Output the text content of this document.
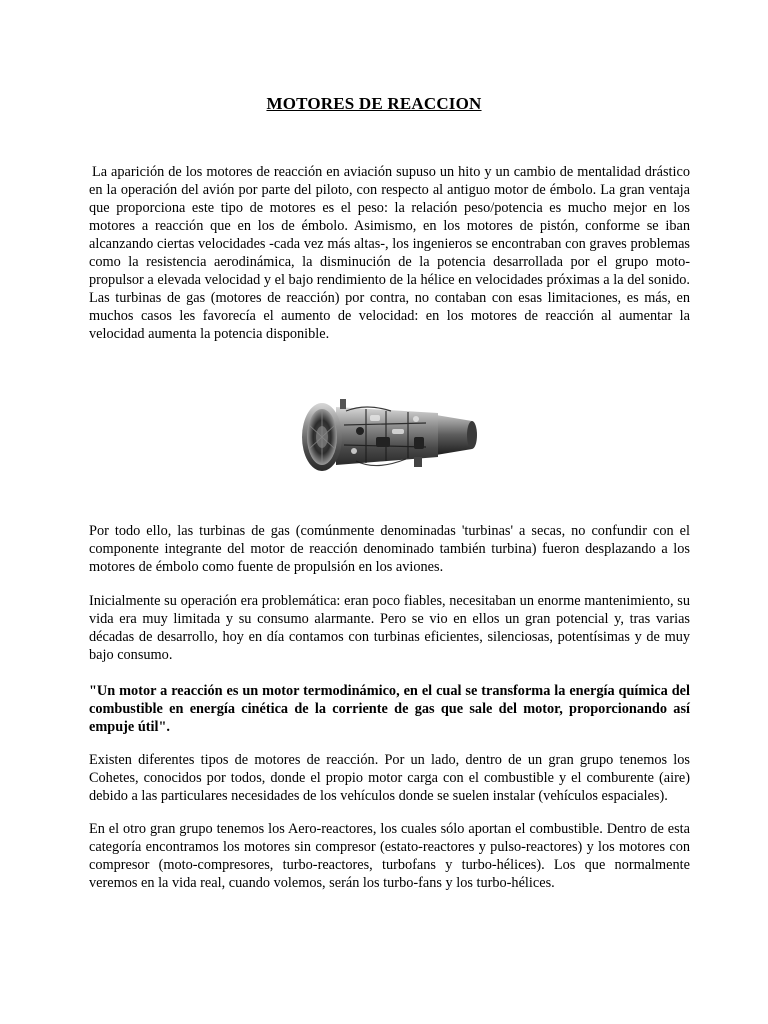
MOTORES DE REACCION

La aparición de los motores de reacción en aviación supuso un hito y un cambio de mentalidad drástico en la operación del avión por parte del piloto, con respecto al antiguo motor de émbolo. La gran ventaja que proporciona este tipo de motores es el peso: la relación peso/potencia es mucho mejor en los motores a reacción que en los de émbolo. Asimismo, en los motores de pistón, conforme se iban alcanzando ciertas velocidades -cada vez más altas-, los ingenieros se encontraban con graves problemas como la resistencia aerodinámica, la disminución de la potencia desarrollada por el grupo moto-propulsor a elevada velocidad y el bajo rendimiento de la hélice en velocidades próximas a la del sonido. Las turbinas de gas (motores de reacción) por contra, no contaban con esas limitaciones, es más, en muchos casos les favorecía el aumento de velocidad: en los motores de reacción al aumentar la velocidad aumenta la potencia disponible.

Por todo ello, las turbinas de gas (comúnmente denominadas 'turbinas' a secas, no confundir con el componente integrante del motor de reacción denominado también turbina) fueron desplazando a los motores de émbolo como fuente de propulsión en los aviones.

Inicialmente su operación era problemática: eran poco fiables, necesitaban un enorme mantenimiento, su vida era muy limitada y su consumo alarmante. Pero se vio en ellos un gran potencial y, tras varias décadas de desarrollo, hoy en día contamos con turbinas eficientes, silenciosas, potentísimas y de muy bajo consumo.

"Un motor a reacción es un motor termodinámico, en el cual se transforma la energía química del combustible en energía cinética de la corriente de gas que sale del motor, proporcionando así empuje útil".

Existen diferentes tipos de motores de reacción. Por un lado, dentro de un gran grupo tenemos los Cohetes, conocidos por todos, donde el propio motor carga con el combustible y el comburente (aire) debido a las particulares necesidades de los vehículos donde se suelen instalar (vehículos espaciales).

En el otro gran grupo tenemos los Aero-reactores, los cuales sólo aportan el combustible. Dentro de esta categoría encontramos los motores sin compresor (estato-reactores y pulso-reactores) y los motores con compresor (moto-compresores, turbo-reactores, turbofans y turbo-hélices). Los que normalmente veremos en la vida real, cuando volemos, serán los turbo-fans y los turbo-hélices.
